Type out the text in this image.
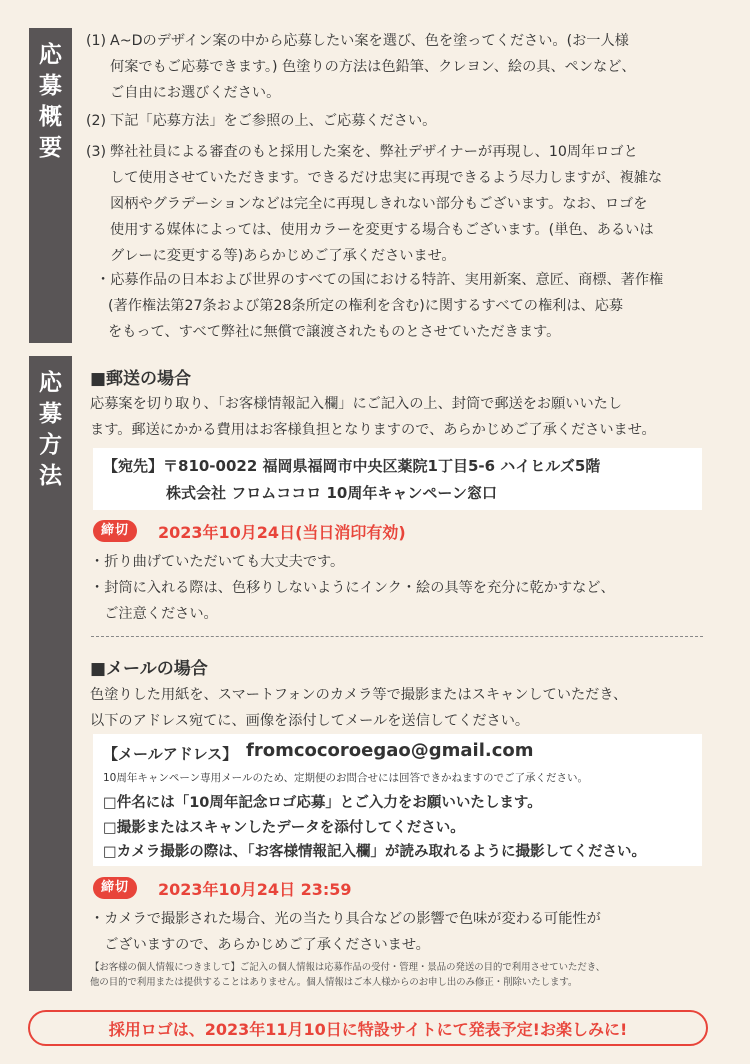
応
募
概
要
応
募
方
法
(1) A~Dのデザイン案の中から応募したい案を選び、色を塗ってください。(お一人様
何案でもご応募できます。) 色塗りの方法は色鉛筆、クレヨン、絵の具、ペンなど、
ご自由にお選びください。
(2) 下記「応募方法」をご参照の上、ご応募ください。
(3) 弊社社員による審査のもと採用した案を、弊社デザイナーが再現し、10周年ロゴと
して使用させていただきます。できるだけ忠実に再現できるよう尽力しますが、複雑な
図柄やグラデーションなどは完全に再現しきれない部分もございます。なお、ロゴを
使用する媒体によっては、使用カラーを変更する場合もございます。(単色、あるいは
グレーに変更する等)あらかじめご了承くださいませ。
・応募作品の日本および世界のすべての国における特許、実用新案、意匠、商標、著作権
(著作権法第27条および第28条所定の権利を含む)に関するすべての権利は、応募
をもって、すべて弊社に無償で譲渡されたものとさせていただきます。
■郵送の場合
応募案を切り取り、「お客様情報記入欄」にご記入の上、封筒で郵送をお願いいたし
ます。郵送にかかる費用はお客様負担となりますので、あらかじめご了承くださいませ。
【宛先】〒810-0022 福岡県福岡市中央区薬院1丁目5-6 ハイヒルズ5階
株式会社 フロムココロ 10周年キャンペーン窓口
締切	2023年10月24日(当日消印有効)
・折り曲げていただいても大丈夫です。
・封筒に入れる際は、色移りしないようにインク・絵の具等を充分に乾かすなど、
　ご注意ください。
■メールの場合
色塗りした用紙を、スマートフォンのカメラ等で撮影またはスキャンしていただき、
以下のアドレス宛てに、画像を添付してメールを送信してください。
【メールアドレス】 fromcocoroegao@gmail.com
10周年キャンペーン専用メールのため、定期便のお問合せには回答できかねますのでご了承ください。
□件名には「10周年記念ロゴ応募」とご入力をお願いいたします。
□撮影またはスキャンしたデータを添付してください。
□カメラ撮影の際は、「お客様情報記入欄」が読み取れるように撮影してください。
締切	2023年10月24日 23:59
・カメラで撮影された場合、光の当たり具合などの影響で色味が変わる可能性が
　ございますので、あらかじめご了承くださいませ。
【お客様の個人情報につきまして】ご記入の個人情報は応募作品の受付・管理・景品の発送の目的で利用させていただき、
他の目的で利用または提供することはありません。個人情報はご本人様からのお申し出のみ修正・削除いたします。
採用ロゴは、2023年11月10日に特設サイトにて発表予定!お楽しみに!
